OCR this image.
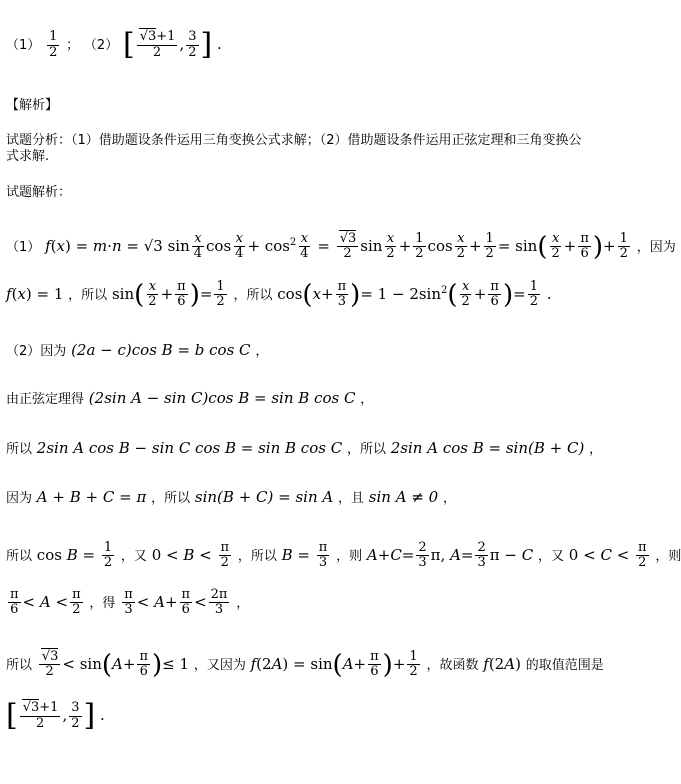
$(1) \frac{1}{2}$ ； （2） [ $\frac{√3+1}{2}$ , $\frac{3}{2}$ ] .
【解析】
试题分析：（1）借助题设条件运用三角变换公式求解；（2）借助题设条件运用正弦定理和三角变换公
式求解.
试题解析：
（1） f(x) = m·n = √3 $\sin \frac{x}{4}$ $\cos \frac{x}{4} + \cos^2 \frac{x}{4} = \frac{√3}{2}$ $\sin \frac{x}{2} + \frac{1}{2}$ $\cos \frac{x}{2} + \frac{1}{2} = \sin( \frac{x}{2} + \frac{\pi}{6}$ )+ $\frac{1}{2}$ ，因为
f(x) = 1 ，所以 $\sin( \frac{x}{2} + \frac{\pi}{6}$ )= $\frac{1}{2}$ ，所以 $\cos(x+ \frac{\pi}{3}$ )= $1 - 2\sin^2( \frac{x}{2} + \frac{\pi}{6}$ )= $\frac{1}{2}$ .
（2）因为 (2a − c)cos B = b cos C ，
由正弦定理得 (2sin A − sin C)cos B = sin B cos C ，
所以 2sin A cos B − sin C cos B = sin B cos C ，所以 2sin A cos B = sin(B + C) ，
因为 A + B + C = π ，所以 sin(B + C) = sin A ，且 sin A ≠ 0 ，
所以 $\cos B = \frac{1}{2}$ ，又 $0 < B < \frac{\pi}{2}$ ，所以 $B = \frac{\pi}{3}$ ，则 $A+C= \frac{2}{3} \pi$, $A= \frac{2}{3}$ π − C ，又 $0 < C < \frac{\pi}{2}$ ，则
$\frac{\pi}{6} < A < \frac{\pi}{2}$ ，得 $\frac{\pi}{3} < A+ \frac{\pi}{6} < \frac{2\pi}{3}$ ，
所以 $\frac{√3}{2} < \sin(A+ \frac{\pi}{6}$ )≤ 1 ，又因为 $f(2A) = \sin(A+ \frac{\pi}{6}$ )+ $\frac{1}{2}$ ，故函数 f(2A) 的取值范围是
[ $\frac{√3+1}{2}$ , $\frac{3}{2}$ ] .
